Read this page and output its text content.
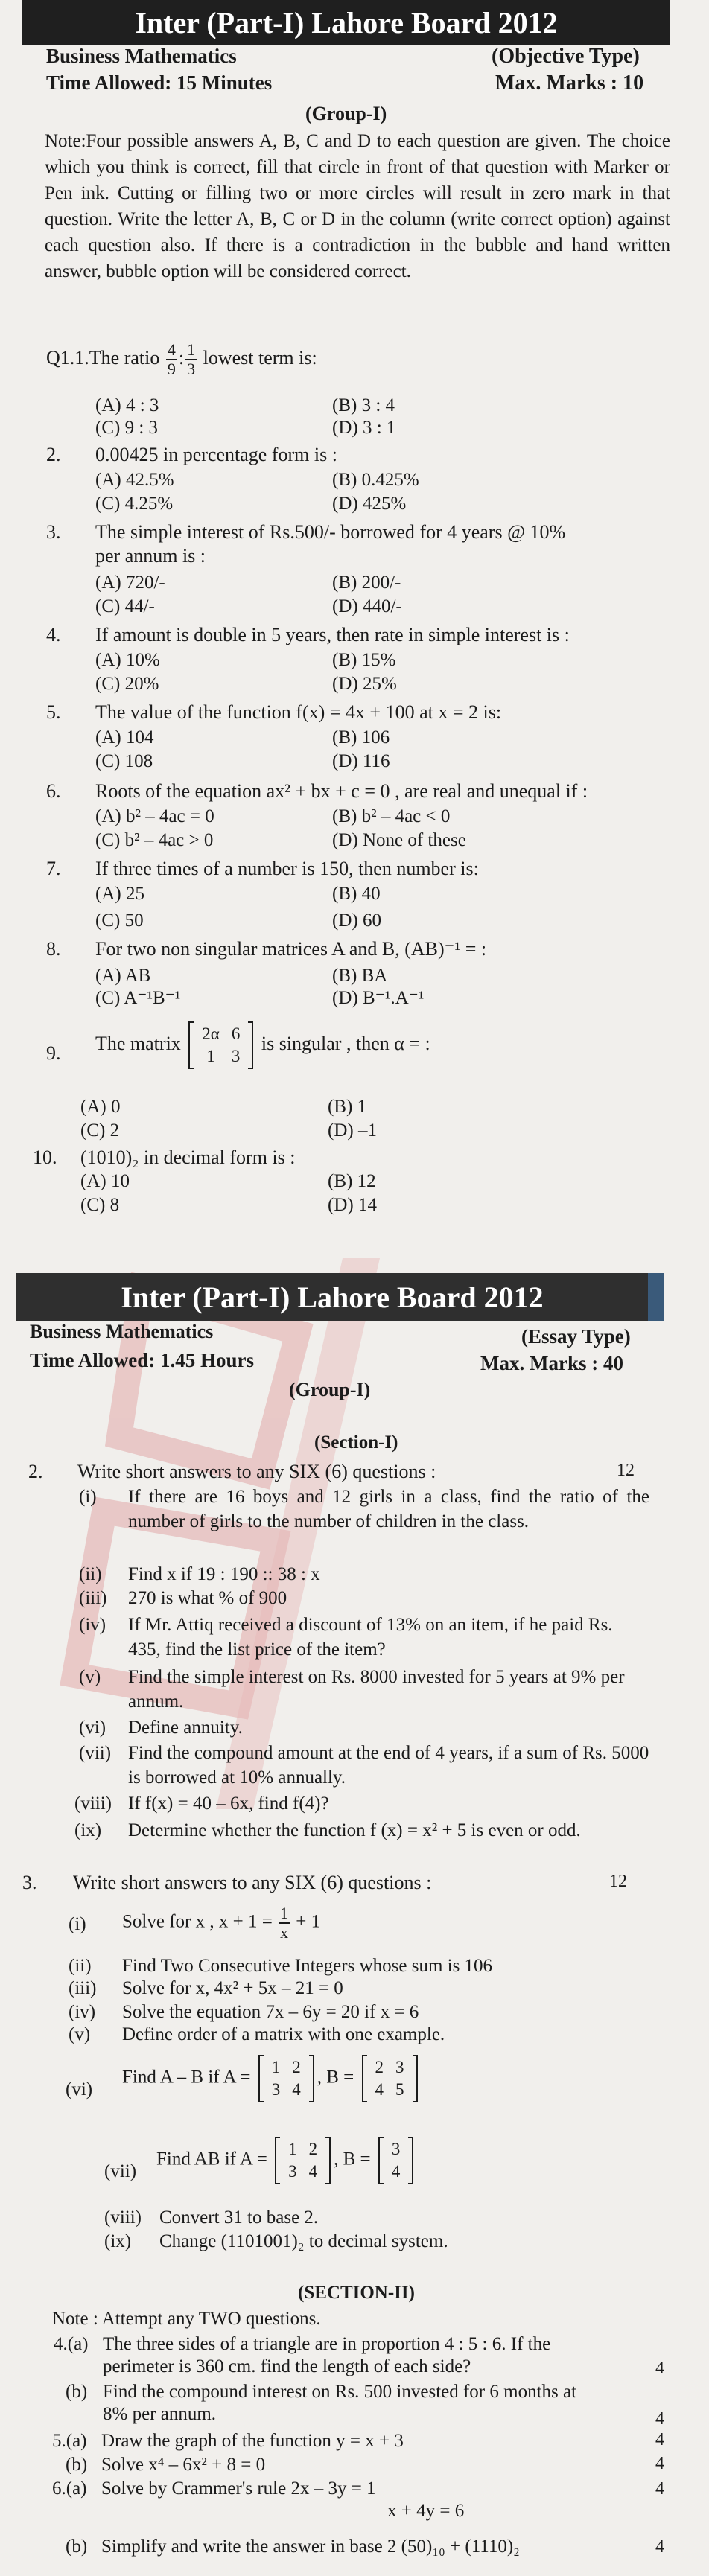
Inter (Part-I) Lahore Board 2012
Business Mathematics	(Objective Type)
Time Allowed: 15 Minutes	Max. Marks : 10
(Group-I)
Note:Four possible answers A, B, C and D to each question are given. The choice which you think is correct, fill that circle in front of that question with Marker or Pen ink. Cutting or filling two or more circles will result in zero mark in that question. Write the letter A, B, C or D in the column (write correct option) against each question also. If there is a contradiction in the bubble and hand written answer, bubble option will be considered correct.
Q1.1.The ratio $\frac{4}{9}$ : $\frac{1}{3}$ lowest term is:
(A) 4 : 3	(B) 3 : 4
(C) 9 : 3	(D) 3 : 1
2. 0.00425 in percentage form is :
(A) 42.5%	(B) 0.425%
(C) 4.25%	(D) 425%
3. The simple interest of Rs.500/- borrowed for 4 years @ 10%
per annum is :
(A) 720/-	(B) 200/-
(C) 44/-	(D) 440/-
4. If amount is double in 5 years, then rate in simple interest is :
(A) 10%	(B) 15%
(C) 20%	(D) 25%
5. The value of the function f(x) = 4x + 100 at x = 2 is:
(A) 104	(B) 106
(C) 108	(D) 116
6. Roots of the equation ax² + bx + c = 0 , are real and unequal if :
(A) b² – 4ac = 0	(B) b² – 4ac < 0
(C) b² – 4ac > 0	(D) None of these
7. If three times of a number is 150, then number is:
(A) 25	(B) 40
(C) 50	(D) 60
8. For two non singular matrices A and B, (AB)⁻¹ = :
(A) AB	(B) BA
(C) A⁻¹B⁻¹	(D) B⁻¹.A⁻¹
9. The matrix 2α	6
1	3
is singular , then α = :
(A) 0	(B) 1
(C) 2	(D) –1
10. (1010)₂ in decimal form is :
(A) 10	(B) 12
(C) 8	(D) 14
Inter (Part-I) Lahore Board 2012
Business Mathematics	(Essay Type)
Time Allowed: 1.45 Hours	Max. Marks : 40
(Group-I)
(Section-I)
2. Write short answers to any SIX (6) questions :	12
(i) If there are 16 boys and 12 girls in a class, find the ratio of the number of girls to the number of children in the class.
(ii) Find x if 19 : 190 :: 38 : x
(iii) 270 is what % of 900
(iv) If Mr. Attiq received a discount of 13% on an item, if he paid Rs. 435, find the list price of the item?
(v) Find the simple interest on Rs. 8000 invested for 5 years at 9% per annum.
(vi) Define annuity.
(vii) Find the compound amount at the end of 4 years, if a sum of Rs. 5000 is borrowed at 10% annually.
(viii) If f(x) = 40 – 6x, find f(4)?
(ix) Determine whether the function f (x) = x² + 5 is even or odd.
3. Write short answers to any SIX (6) questions :	12
(i) Solve for x , $x + 1 = \frac{1}{x} + 1$
(ii) Find Two Consecutive Integers whose sum is 106
(iii) Solve for x, 4x² + 5x – 21 = 0
(iv) Solve the equation 7x – 6y = 20 if x = 6
(v) Define order of a matrix with one example.
(vi)
Find A – B if A =
1	2
3	4
, B =
2	3
4	5
(vii)
Find AB if A =
1	2
3	4
, B =
3
4
(viii) Convert 31 to base 2.
(ix) Change (1101001)₂ to decimal system.
(SECTION-II)
Note : Attempt any TWO questions.
4.(a) The three sides of a triangle are in proportion 4 : 5 : 6. If the
perimeter is 360 cm. find the length of each side?	4
(b) Find the compound interest on Rs. 500 invested for 6 months at
8% per annum.	4
5.(a) Draw the graph of the function y = x + 3	4
(b) Solve x⁴ – 6x² + 8 = 0	4
6.(a) Solve by Crammer's rule 2x – 3y = 1
x + 4y = 6
4
(b) Simplify and write the answer in base 2 (50)₁₀ + (1110)₂	4
